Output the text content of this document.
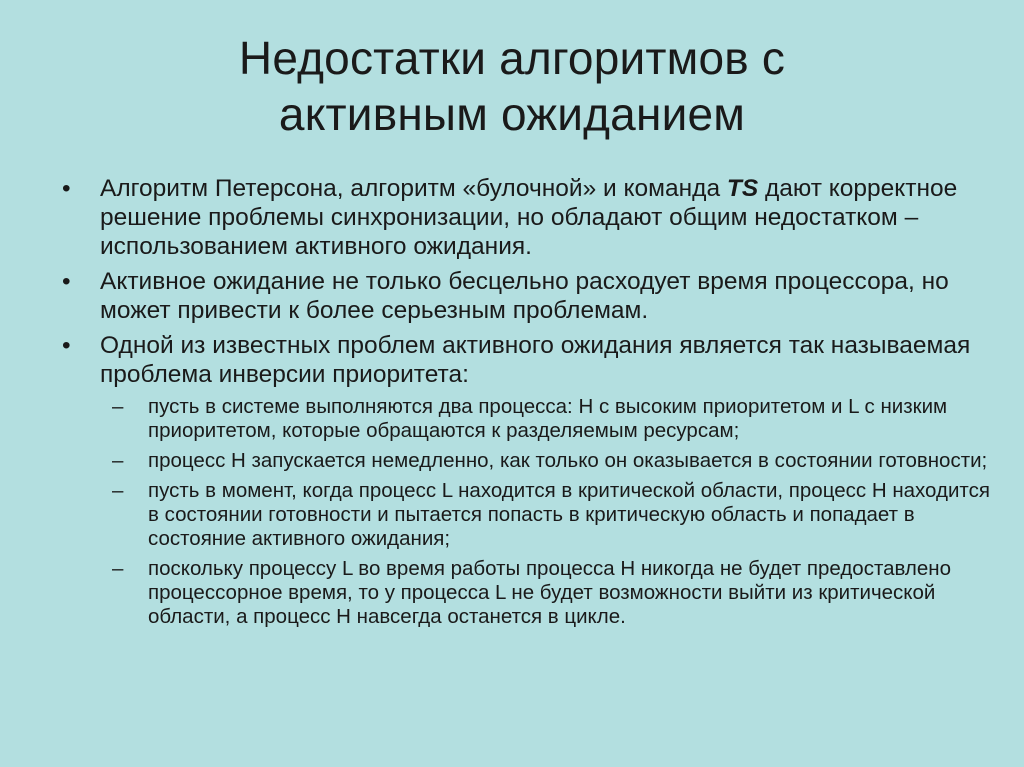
Недостатки алгоритмов с
активным ожиданием
•	Алгоритм Петерсона, алгоритм «булочной» и команда TS дают корректное решение проблемы синхронизации, но обладают общим недостатком – использованием активного ожидания.
•	Активное ожидание не только бесцельно расходует время процессора, но может привести к более серьезным проблемам.
•	Одной из известных проблем активного ожидания является так называемая проблема инверсии приоритета:
–	пусть в системе выполняются два процесса: H с высоким приоритетом и L с низким приоритетом, которые обращаются к разделяемым ресурсам;
–	процесс H запускается немедленно, как только он оказывается в состоянии готовности;
–	пусть в момент, когда процесс L находится в критической области, процесс H находится в состоянии готовности и пытается попасть в критическую область и попадает в состояние активного ожидания;
–	поскольку процессу L во время работы процесса H никогда не будет предоставлено процессорное время, то у процесса L не будет возможности выйти из критической области, а процесс H навсегда останется в цикле.
